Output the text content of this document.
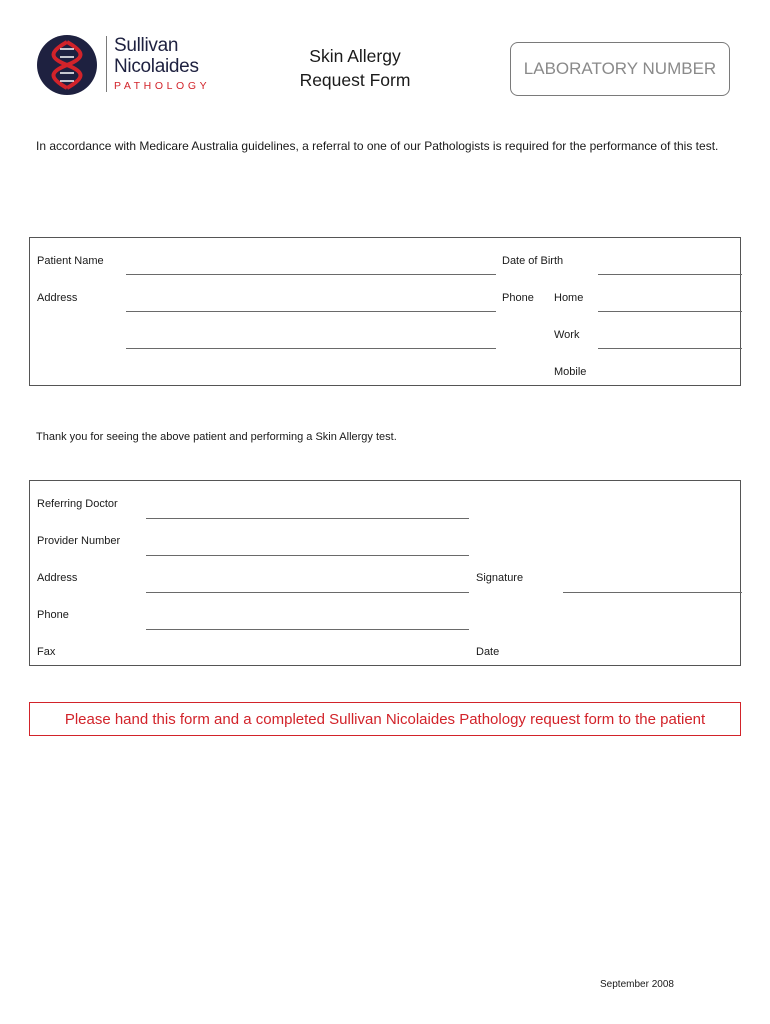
Sullivan
Nicolaides
PATHOLOGY
Skin Allergy
Request Form
LABORATORY NUMBER
In accordance with Medicare Australia guidelines, a referral to one of our Pathologists is required for the performance of this test.
Patient Name	Date of Birth
Address	Phone Home
Work
Mobile
Thank you for seeing the above patient and performing a Skin Allergy test.
Referring Doctor
Provider Number
Address	Signature
Phone
Fax	Date
Please hand this form and a completed Sullivan Nicolaides Pathology request form to the patient
September 2008
